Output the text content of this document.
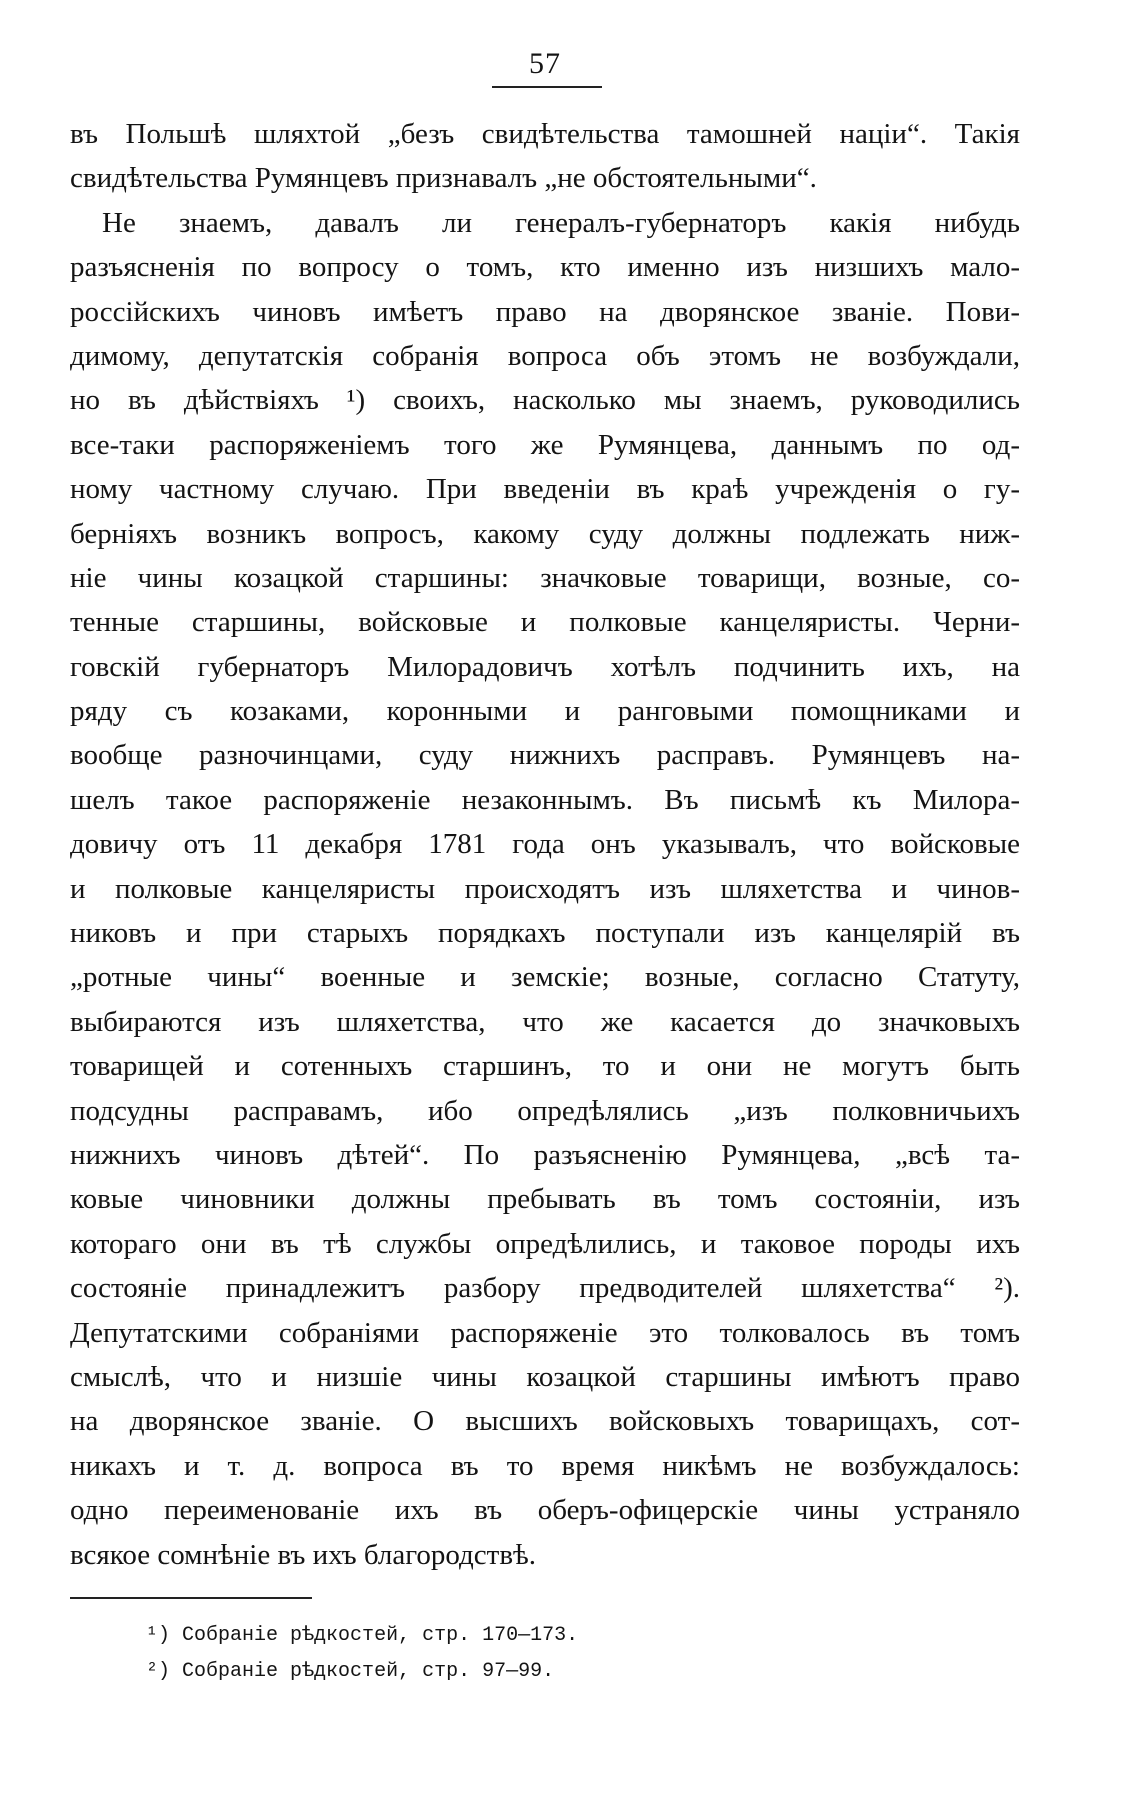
57
въ Польшѣ шляхтой „безъ свидѣтельства тамошней націи“. Такія
свидѣтельства Румянцевъ признавалъ „не обстоятельными“.
Не знаемъ, давалъ ли генералъ-губернаторъ какія нибудь
разъясненія по вопросу о томъ, кто именно изъ низшихъ мало-
россійскихъ чиновъ имѣетъ право на дворянское званіе. Пови-
димому, депутатскія собранія вопроса объ этомъ не возбуждали,
но въ дѣйствіяхъ ¹) своихъ, насколько мы знаемъ, руководились
все-таки распоряженіемъ того же Румянцева, даннымъ по од-
ному частному случаю. При введеніи въ краѣ учрежденія о гу-
берніяхъ возникъ вопросъ, какому суду должны подлежать ниж-
ніе чины козацкой старшины: значковые товарищи, возные, со-
тенные старшины, войсковые и полковые канцеляристы. Черни-
говскій губернаторъ Милорадовичъ хотѣлъ подчинить ихъ, на
ряду съ козаками, коронными и ранговыми помощниками и
вообще разночинцами, суду нижнихъ расправъ. Румянцевъ на-
шелъ такое распоряженіе незаконнымъ. Въ письмѣ къ Милора-
довичу отъ 11 декабря 1781 года онъ указывалъ, что войсковые
и полковые канцеляристы происходятъ изъ шляхетства и чинов-
никовъ и при старыхъ порядкахъ поступали изъ канцелярій въ
„ротные чины“ военные и земскіе; возные, согласно Статуту,
выбираются изъ шляхетства, что же касается до значковыхъ
товарищей и сотенныхъ старшинъ, то и они не могутъ быть
подсудны расправамъ, ибо опредѣлялись „изъ полковничьихъ
нижнихъ чиновъ дѣтей“. По разъясненію Румянцева, „всѣ та-
ковые чиновники должны пребывать въ томъ состояніи, изъ
котораго они въ тѣ службы опредѣлились, и таковое породы ихъ
состояніе принадлежитъ разбору предводителей шляхетства“ ²).
Депутатскими собраніями распоряженіе это толковалось въ томъ
смыслѣ, что и низшіе чины козацкой старшины имѣютъ право
на дворянское званіе. О высшихъ войсковыхъ товарищахъ, сот-
никахъ и т. д. вопроса въ то время никѣмъ не возбуждалось:
одно переименованіе ихъ въ оберъ-офицерскіе чины устраняло
всякое сомнѣніе въ ихъ благородствѣ.
¹) Собраніе рѣдкостей, стр. 170—173.
²) Собраніе рѣдкостей, стр. 97—99.
